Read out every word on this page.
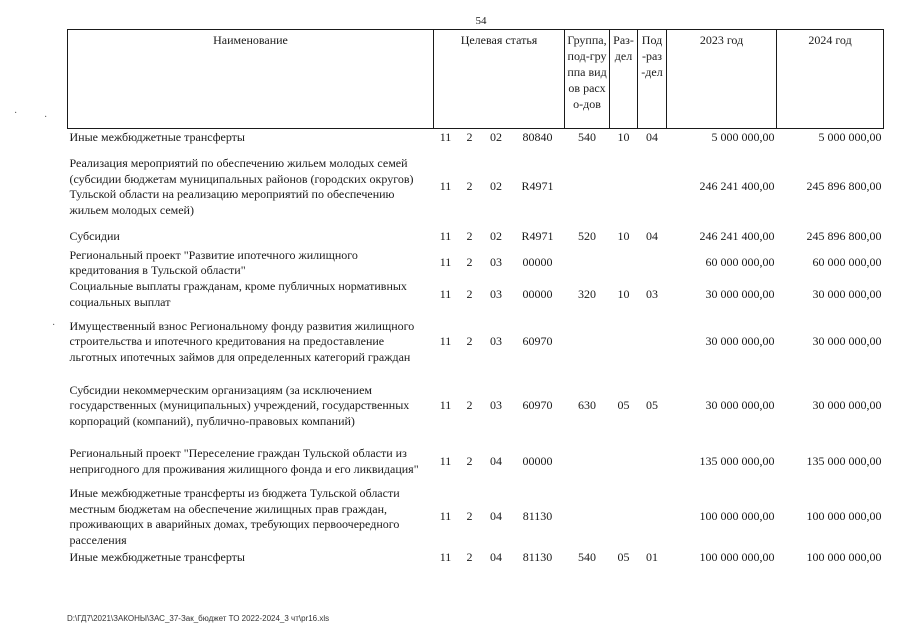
54
·	·
·
Наименование	Целевая статья				Группа, под-группа видов расхо-дов	Раз-дел	Под-раз-дел	2023 год	2024 год
Иные межбюджетные трансферты	11	2	02	80840	540	10	04	5 000 000,00	5 000 000,00
Реализация мероприятий по обеспечению жильем молодых семей (субсидии бюджетам муниципальных районов (городских округов) Тульской области на реализацию мероприятий по обеспечению жильем молодых семей)	11	2	02	R4971				246 241 400,00	245 896 800,00
Субсидии	11	2	02	R4971	520	10	04	246 241 400,00	245 896 800,00
Региональный проект "Развитие ипотечного жилищного кредитования в Тульской области"	11	2	03	00000				60 000 000,00	60 000 000,00
Социальные выплаты гражданам, кроме публичных нормативных социальных выплат	11	2	03	00000	320	10	03	30 000 000,00	30 000 000,00
Имущественный взнос Региональному фонду развития жилищного строительства и ипотечного кредитования на предоставление льготных ипотечных займов для определенных категорий граждан	11	2	03	60970				30 000 000,00	30 000 000,00
Субсидии некоммерческим организациям (за исключением государственных (муниципальных) учреждений, государственных корпораций (компаний), публично-правовых компаний)	11	2	03	60970	630	05	05	30 000 000,00	30 000 000,00
Региональный проект "Переселение граждан Тульской области из непригодного для проживания жилищного фонда и его ликвидация"	11	2	04	00000				135 000 000,00	135 000 000,00
Иные межбюджетные трансферты из бюджета Тульской области местным бюджетам на обеспечение жилищных прав граждан, проживающих в аварийных домах, требующих первоочередного расселения	11	2	04	81130				100 000 000,00	100 000 000,00
Иные межбюджетные трансферты	11	2	04	81130	540	05	01	100 000 000,00	100 000 000,00
D:\ГД7\2021\ЗАКОНЫ\ЗАС_37-Зак_бюджет ТО 2022-2024_3 чт\pr16.xls
